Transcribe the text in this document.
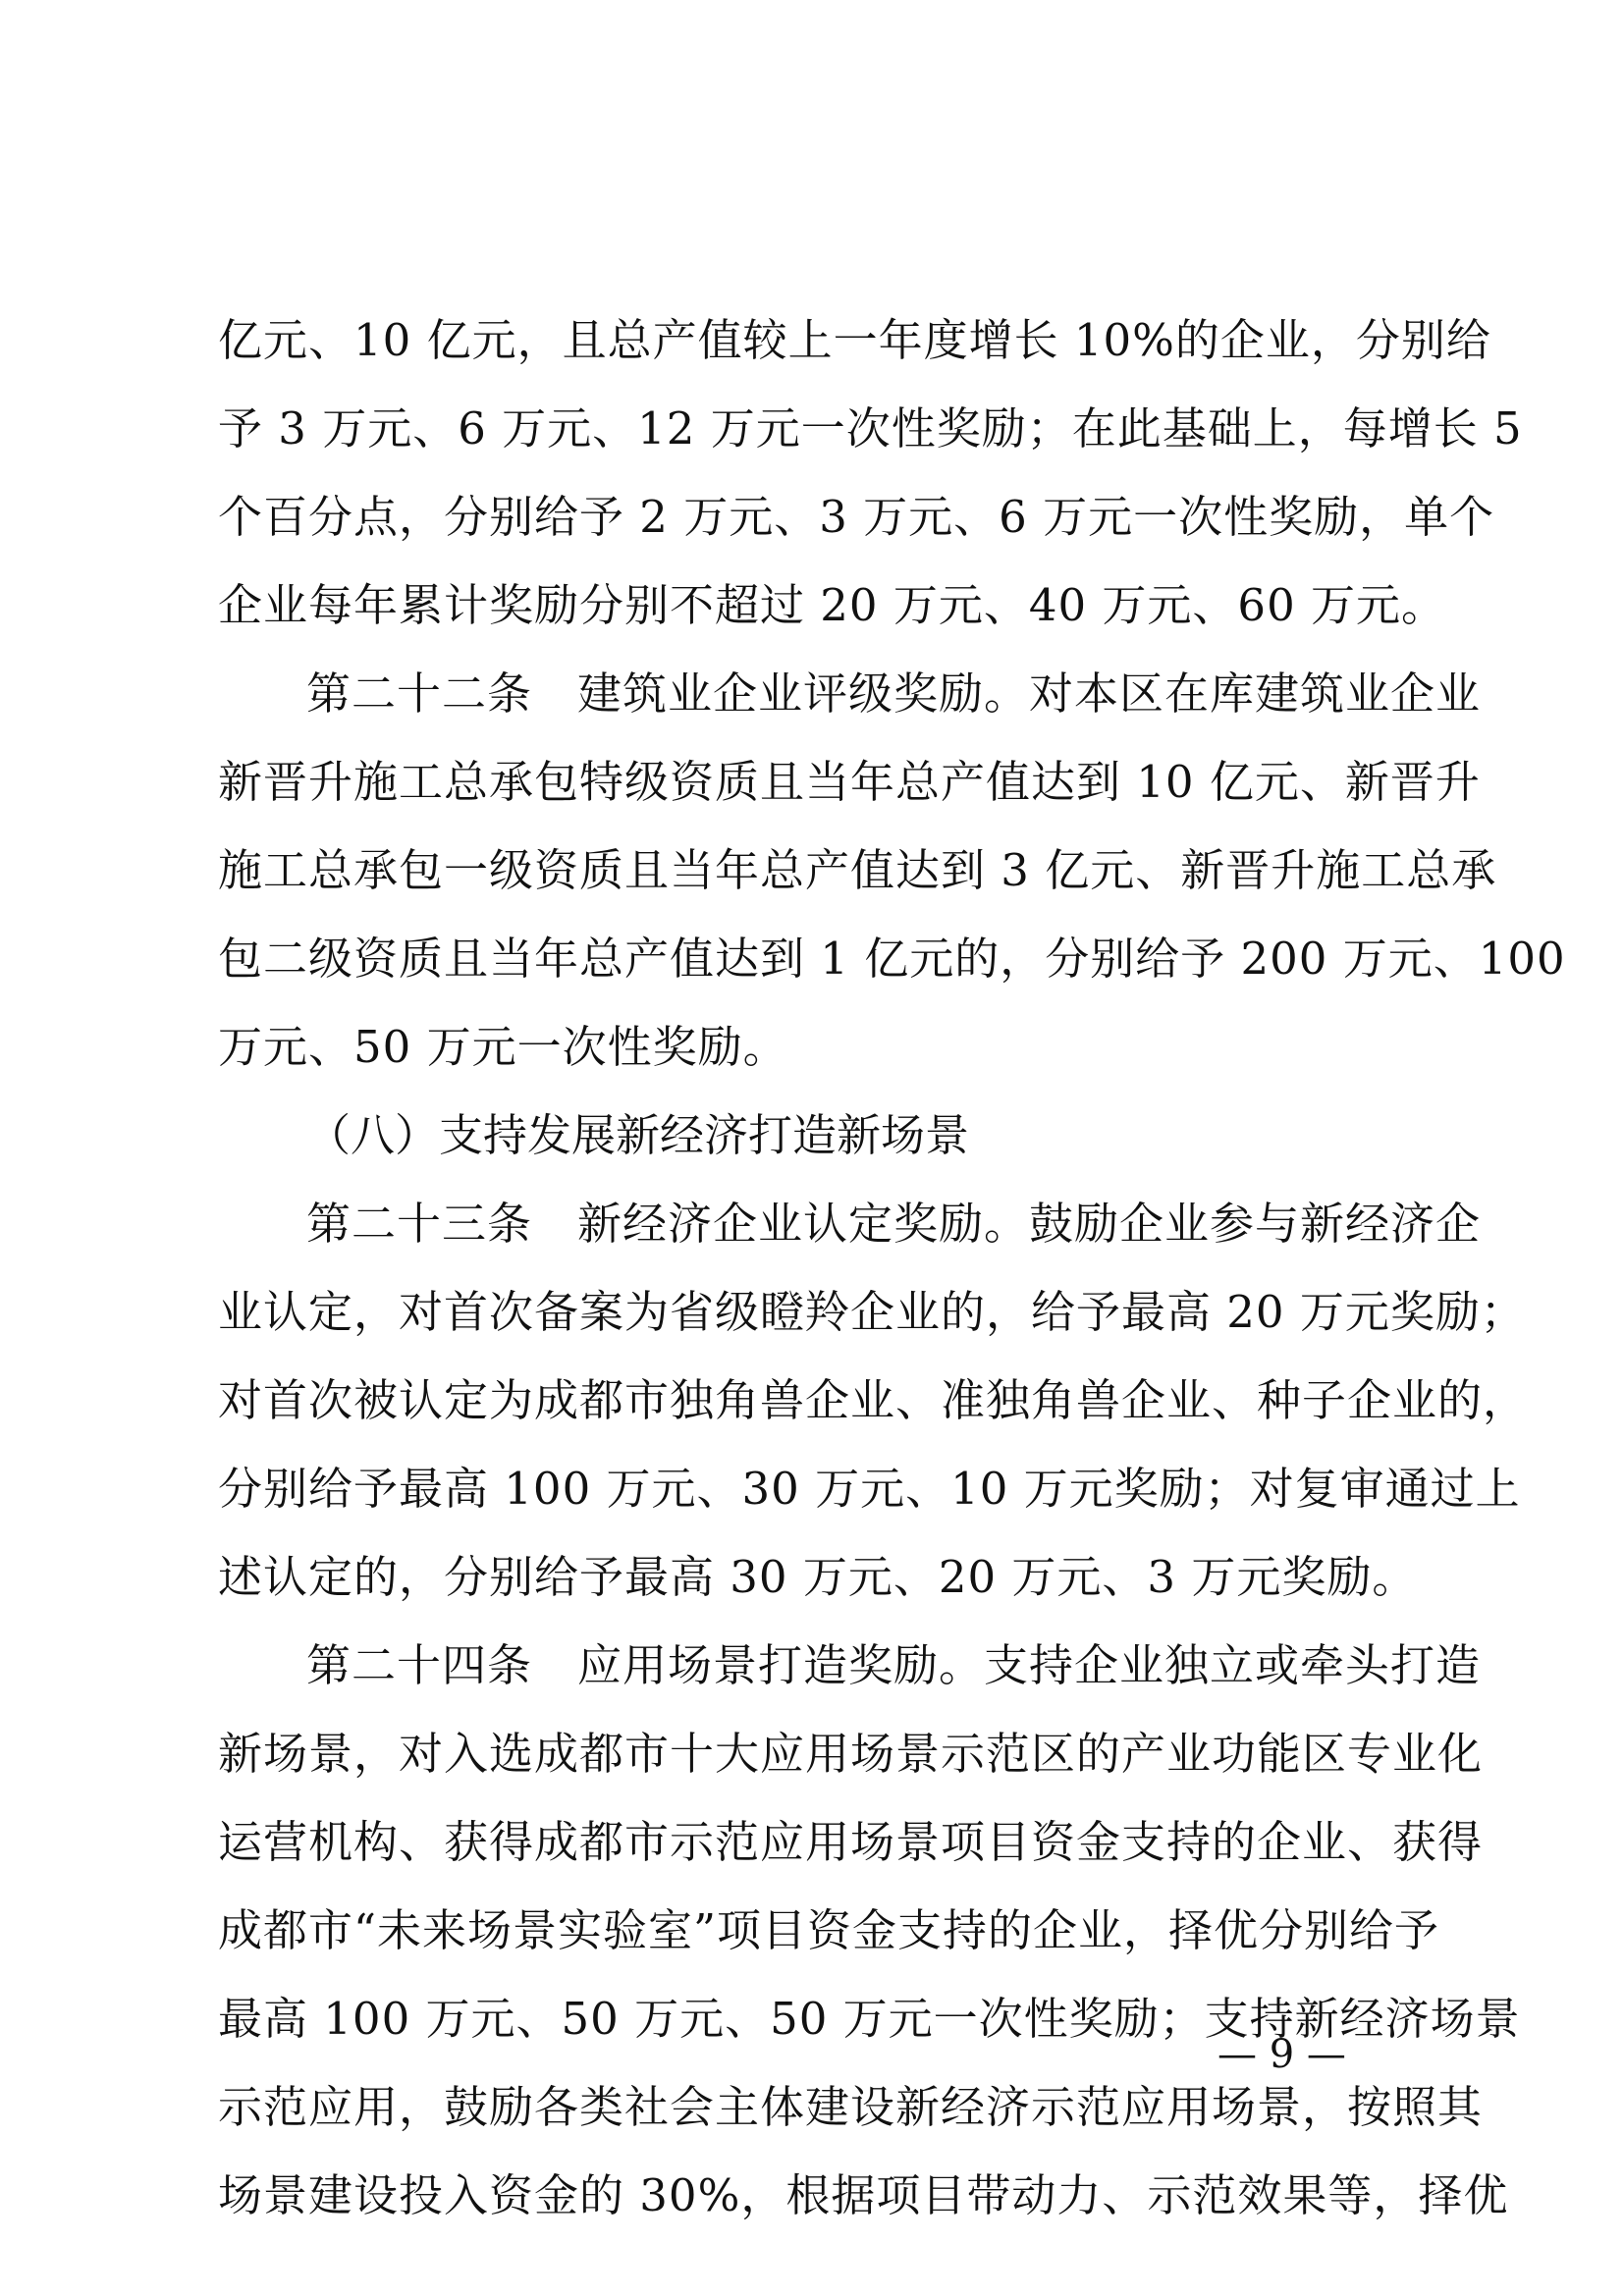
亿元、10 亿元，且总产值较上一年度增长 10%的企业，分别给
予 3 万元、6 万元、12 万元一次性奖励；在此基础上，每增长 5
个百分点，分别给予 2 万元、3 万元、6 万元一次性奖励，单个
企业每年累计奖励分别不超过 20 万元、40 万元、60 万元。
第二十二条　建筑业企业评级奖励。对本区在库建筑业企业
新晋升施工总承包特级资质且当年总产值达到 10 亿元、新晋升
施工总承包一级资质且当年总产值达到 3 亿元、新晋升施工总承
包二级资质且当年总产值达到 1 亿元的，分别给予 200 万元、100
万元、50 万元一次性奖励。
（八）支持发展新经济打造新场景
第二十三条　新经济企业认定奖励。鼓励企业参与新经济企
业认定，对首次备案为省级瞪羚企业的，给予最高 20 万元奖励；
对首次被认定为成都市独角兽企业、准独角兽企业、种子企业的，
分别给予最高 100 万元、30 万元、10 万元奖励；对复审通过上
述认定的，分别给予最高 30 万元、20 万元、3 万元奖励。
第二十四条　应用场景打造奖励。支持企业独立或牵头打造
新场景，对入选成都市十大应用场景示范区的产业功能区专业化
运营机构、获得成都市示范应用场景项目资金支持的企业、获得
成都市“未来场景实验室”项目资金支持的企业，择优分别给予
最高 100 万元、50 万元、50 万元一次性奖励；支持新经济场景
示范应用，鼓励各类社会主体建设新经济示范应用场景，按照其
场景建设投入资金的 30%，根据项目带动力、示范效果等，择优
— 9 —
